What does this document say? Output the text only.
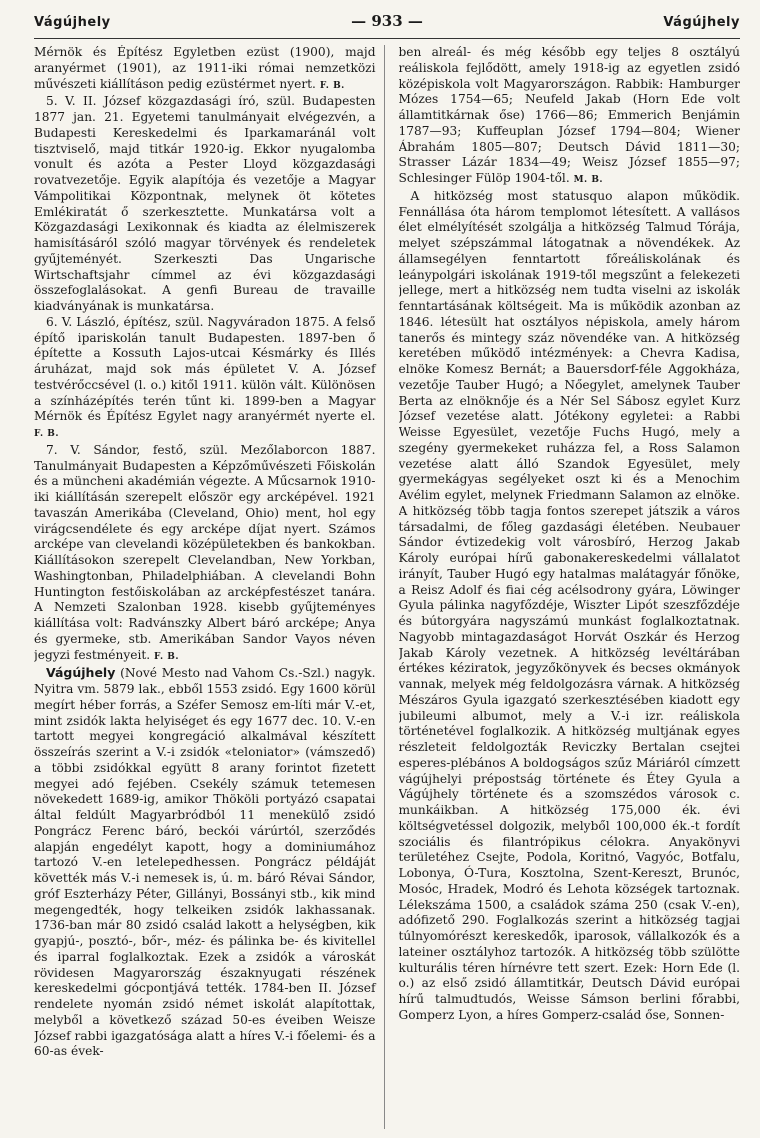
Vágújhely	— 933 —	Vágújhely

Mérnök és Építész Egyletben ezüst (1900), majd aranyérmet (1901), az 1911-iki római nemzetközi művészeti kiállításon pedig ezüstérmet nyert. F. B.

5. V. II. József közgazdasági író, szül. Budapesten 1877 jan. 21. Egyetemi tanulmányait elvégezvén, a Budapesti Kereskedelmi és Iparkamaránál volt tisztviselő, majd titkár 1920-ig. Ekkor nyugalomba vonult és azóta a Pester Lloyd közgazdasági rovatvezetője. Egyik alapítója és vezetője a Magyar Vámpolitikai Központnak, melynek öt kötetes Emlékiratát ő szerkesztette. Munkatársa volt a Közgazdasági Lexikonnak és kiadta az élelmiszerek hamisításáról szóló magyar törvények és rendeletek gyűjteményét. Szerkeszti Das Ungarische Wirtschaftsjahr címmel az évi közgazdasági összefoglalásokat. A genfi Bureau de travaille kiadványának is munkatársa.

6. V. László, építész, szül. Nagyváradon 1875. A felső építő ipariskolán tanult Budapesten. 1897-ben ő építette a Kossuth Lajos-utcai Késmárky és Illés áruházat, majd sok más épületet V. A. József testvérőccsével (l. o.) kitől 1911. külön vált. Különösen a színházépítés terén tűnt ki. 1899-ben a Magyar Mérnök és Építész Egylet nagy aranyérmét nyerte el. F. B.

7. V. Sándor, festő, szül. Mezőlaborcon 1887. Tanulmányait Budapesten a Képzőművészeti Főiskolán és a müncheni akadémián végezte. A Műcsarnok 1910-iki kiállításán szerepelt először egy arcképével. 1921 tavaszán Amerikába (Cleveland, Ohio) ment, hol egy virágcsendélete és egy arcképe díjat nyert. Számos arcképe van clevelandi középületekben és bankokban. Kiállításokon szerepelt Clevelandban, New Yorkban, Washingtonban, Philadelphiában. A clevelandi Bohn Huntington festőiskolában az arcképfestészet tanára. A Nemzeti Szalonban 1928. kisebb gyűjteményes kiállítása volt: Radvánszky Albert báró arcképe; Anya és gyermeke, stb. Amerikában Sandor Vayos néven jegyzi festményeit. F. B.

Vágújhely (Nové Mesto nad Vahom Cs.-Szl.) nagyk. Nyitra vm. 5879 lak., ebből 1553 zsidó. Egy 1600 körül megírt héber forrás, a Széfer Semosz em-líti már V.-et, mint zsidók lakta helyiséget és egy 1677 dec. 10. V.-en tartott megyei kongregáció alkalmával készített összeírás szerint a V.-i zsidók «teloniator» (vámszedő) a többi zsidókkal együtt 8 arany forintot fizetett megyei adó fejében. Csekély számuk tetemesen növekedett 1689-ig, amikor Thököli portyázó csapatai által feldúlt Magyarbródból 11 menekülő zsidó Pongrácz Ferenc báró, beckói várúrtól, szerződés alapján engedélyt kapott, hogy a dominiumához tartozó V.-en letelepedhessen. Pongrácz példáját követték más V.-i nemesek is, ú. m. báró Révai Sándor, gróf Eszterházy Péter, Gillányi, Bossányi stb., kik mind megengedték, hogy telkeiken zsidók lakhassanak. 1736-ban már 80 zsidó család lakott a helységben, kik gyapjú-, posztó-, bőr-, méz- és pálinka be- és kivitellel és iparral foglalkoztak. Ezek a zsidók a városkát rövidesen Magyarország északnyugati részének kereskedelmi gócpontjává tették. 1784-ben II. József rendelete nyomán zsidó német iskolát alapítottak, melyből a következő század 50-es éveiben Weisze József rabbi igazgatósága alatt a híres V.-i főelemi- és a 60-as évek-

ben alreál- és még később egy teljes 8 osztályú reáliskola fejlődött, amely 1918-ig az egyetlen zsidó középiskola volt Magyarországon. Rabbik: Hamburger Mózes 1754—65; Neufeld Jakab (Horn Ede volt államtitkárnak őse) 1766—86; Emmerich Benjámin 1787—93; Kuffeuplan József 1794—804; Wiener Ábrahám 1805—807; Deutsch Dávid 1811—30; Strasser Lázár 1834—49; Weisz József 1855—97; Schlesinger Fülöp 1904-től. M. B.

A hitközség most statusquo alapon működik. Fennállása óta három templomot létesített. A vallásos élet elmélyítését szolgálja a hitközség Talmud Tórája, melyet szépszámmal látogatnak a növendékek. Az államsegélyen fenntartott főreáliskolának és leánypolgári iskolának 1919-től megszűnt a felekezeti jellege, mert a hitközség nem tudta viselni az iskolák fenntartásának költségeit. Ma is működik azonban az 1846. létesült hat osztályos népiskola, amely három tanerős és mintegy száz növendéke van. A hitközség keretében működő intézmények: a Chevra Kadisa, elnöke Komesz Bernát; a Bauersdorf-féle Aggokháza, vezetője Tauber Hugó; a Nőegylet, amelynek Tauber Berta az elnöknője és a Nér Sel Sábosz egylet Kurz József vezetése alatt. Jótékony egyletei: a Rabbi Weisse Egyesület, vezetője Fuchs Hugó, mely a szegény gyermekeket ruházza fel, a Ross Salamon vezetése alatt álló Szandok Egyesület, mely gyermekágyas segélyeket oszt ki és a Menochim Avélim egylet, melynek Friedmann Salamon az elnöke. A hitközség több tagja fontos szerepet játszik a város társadalmi, de főleg gazdasági életében. Neubauer Sándor évtizedekig volt városbíró, Herzog Jakab Károly európai hírű gabonakereskedelmi vállalatot irányít, Tauber Hugó egy hatalmas malátagyár főnöke, a Reisz Adolf és fiai cég acélsodrony gyára, Löwinger Gyula pálinka nagyfőzdéje, Wiszter Lipót szeszfőzdéje és bútorgyára nagyszámú munkást foglalkoztatnak. Nagyobb mintagazdaságot Horvát Oszkár és Herzog Jakab Károly vezetnek. A hitközség levéltárában értékes kéziratok, jegyzőkönyvek és becses okmányok vannak, melyek még feldolgozásra várnak. A hitközség Mészáros Gyula igazgató szerkesztésében kiadott egy jubileumi albumot, mely a V.-i izr. reáliskola történetével foglalkozik. A hitközség multjának egyes részleteit feldolgozták Reviczky Bertalan csejtei esperes-plébános A boldogságos szűz Máriáról címzett vágújhelyi prépostság története és Étey Gyula a Vágújhely története és a szomszédos városok c. munkáikban. A hitközség 175,000 ék. évi költségvetéssel dolgozik, melyből 100,000 ék.-t fordít szociális és filantrópikus célokra. Anyakönyvi területéhez Csejte, Podola, Koritnó, Vagyóc, Botfalu, Lobonya, Ó-Tura, Kosztolna, Szent-Kereszt, Brunóc, Mosóc, Hradek, Modró és Lehota községek tartoznak. Lélekszáma 1500, a családok száma 250 (csak V.-en), adófizető 290. Foglalkozás szerint a hitközség tagjai túlnyomórészt kereskedők, iparosok, vállalkozók és a lateiner osztályhoz tartozók. A hitközség több szülötte kulturális téren hírnévre tett szert. Ezek: Horn Ede (l. o.) az első zsidó államtitkár, Deutsch Dávid európai hírű talmudtudós, Weisse Sámson berlini főrabbi, Gomperz Lyon, a híres Gomperz-család őse, Sonnen-
